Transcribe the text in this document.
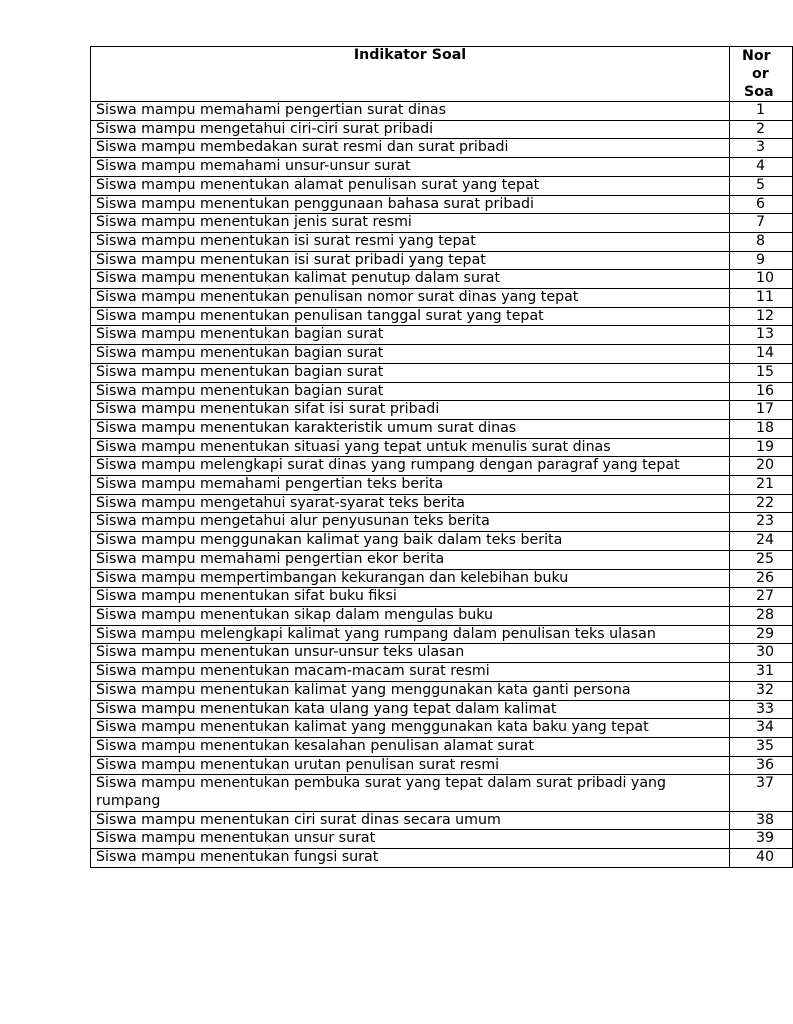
Indikator Soal	Nor
or
Soa

Siswa mampu memahami pengertian surat dinas	1
Siswa mampu mengetahui ciri-ciri surat pribadi	2
Siswa mampu membedakan surat resmi dan surat pribadi	3
Siswa mampu memahami unsur-unsur surat	4
Siswa mampu menentukan alamat penulisan surat yang tepat	5
Siswa mampu menentukan penggunaan bahasa surat pribadi	6
Siswa mampu menentukan jenis surat resmi	7
Siswa mampu menentukan isi surat resmi yang tepat	8
Siswa mampu menentukan isi surat pribadi yang tepat	9
Siswa mampu menentukan kalimat penutup dalam surat	10
Siswa mampu menentukan penulisan nomor surat dinas yang tepat	11
Siswa mampu menentukan penulisan tanggal surat yang tepat	12
Siswa mampu menentukan bagian surat	13
Siswa mampu menentukan bagian surat	14
Siswa mampu menentukan bagian surat	15
Siswa mampu menentukan bagian surat	16
Siswa mampu menentukan sifat isi surat pribadi	17
Siswa mampu menentukan karakteristik umum surat dinas	18
Siswa mampu menentukan situasi yang tepat untuk menulis surat dinas	19
Siswa mampu melengkapi surat dinas yang rumpang dengan paragraf yang tepat	20
Siswa mampu memahami pengertian teks berita	21
Siswa mampu mengetahui syarat-syarat teks berita	22
Siswa mampu mengetahui alur penyusunan teks berita	23
Siswa mampu menggunakan kalimat yang baik dalam teks berita	24
Siswa mampu memahami pengertian ekor berita	25
Siswa mampu mempertimbangan kekurangan dan kelebihan buku	26
Siswa mampu menentukan sifat buku fiksi	27
Siswa mampu menentukan sikap dalam mengulas buku	28
Siswa mampu melengkapi kalimat yang rumpang dalam penulisan teks ulasan	29
Siswa mampu menentukan unsur-unsur teks ulasan	30
Siswa mampu menentukan macam-macam surat resmi	31
Siswa mampu menentukan kalimat yang menggunakan kata ganti persona	32
Siswa mampu menentukan kata ulang yang tepat dalam kalimat	33
Siswa mampu menentukan kalimat yang menggunakan kata baku yang tepat	34
Siswa mampu menentukan kesalahan penulisan alamat surat	35
Siswa mampu menentukan urutan penulisan surat resmi	36
Siswa mampu menentukan pembuka surat yang tepat dalam surat pribadi yang rumpang	37
Siswa mampu menentukan ciri surat dinas secara umum	38
Siswa mampu menentukan unsur surat	39
Siswa mampu menentukan fungsi surat	40
